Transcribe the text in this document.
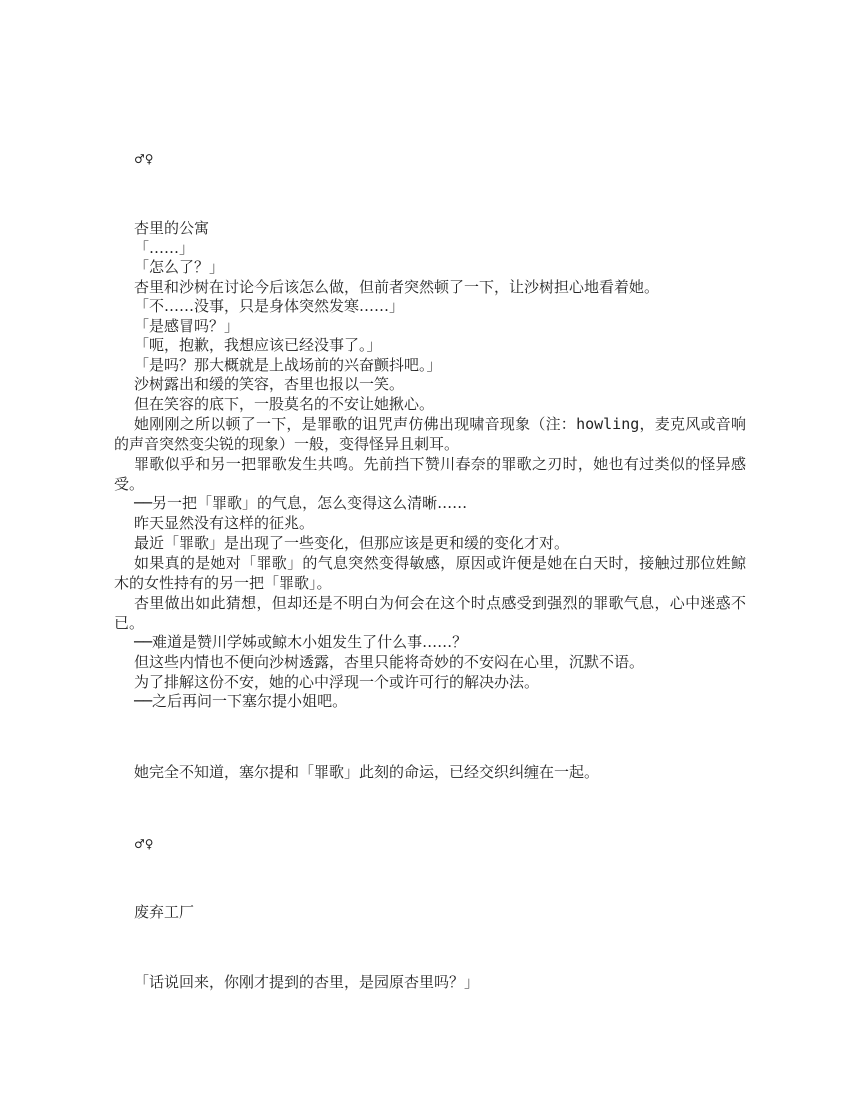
♂♀
杏里的公寓
「……」
「怎么了？」
杏里和沙树在讨论今后该怎么做，但前者突然顿了一下，让沙树担心地看着她。
「不……没事，只是身体突然发寒……」
「是感冒吗？」
「呃，抱歉，我想应该已经没事了。」
「是吗？那大概就是上战场前的兴奋颤抖吧。」
沙树露出和缓的笑容，杏里也报以一笑。
但在笑容的底下，一股莫名的不安让她揪心。
她刚刚之所以顿了一下，是罪歌的诅咒声仿佛出现啸音现象（注：howling，麦克风或音响的声音突然变尖锐的现象）一般，变得怪异且刺耳。
罪歌似乎和另一把罪歌发生共鸣。先前挡下赞川春奈的罪歌之刃时，她也有过类似的怪异感受。
──另一把「罪歌」的气息，怎么变得这么清晰……
昨天显然没有这样的征兆。
最近「罪歌」是出现了一些变化，但那应该是更和缓的变化才对。
如果真的是她对「罪歌」的气息突然变得敏感，原因或许便是她在白天时，接触过那位姓鲸木的女性持有的另一把「罪歌」。
杏里做出如此猜想，但却还是不明白为何会在这个时点感受到强烈的罪歌气息，心中迷惑不已。
──难道是赞川学姊或鲸木小姐发生了什么事……？
但这些内情也不便向沙树透露，杏里只能将奇妙的不安闷在心里，沉默不语。
为了排解这份不安，她的心中浮现一个或许可行的解决办法。
──之后再问一下塞尔提小姐吧。
她完全不知道，塞尔提和「罪歌」此刻的命运，已经交织纠缠在一起。
♂♀
废弃工厂
「话说回来，你刚才提到的杏里，是园原杏里吗？」
